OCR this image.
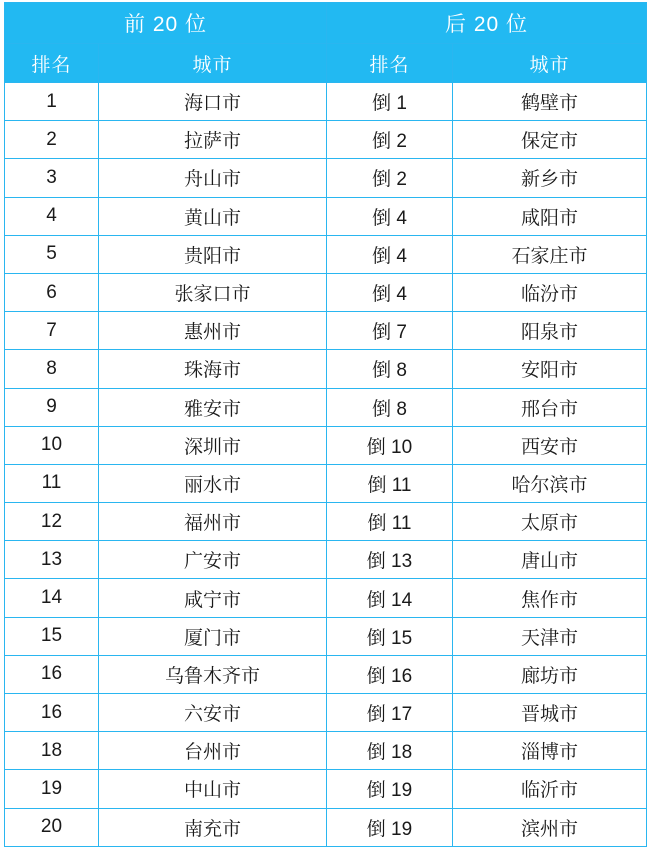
前 20 位		后 20 位	
排名	城市	排名	城市
1	海口市	倒 1	鹤壁市
2	拉萨市	倒 2	保定市
3	舟山市	倒 2	新乡市
4	黄山市	倒 4	咸阳市
5	贵阳市	倒 4	石家庄市
6	张家口市	倒 4	临汾市
7	惠州市	倒 7	阳泉市
8	珠海市	倒 8	安阳市
9	雅安市	倒 8	邢台市
10	深圳市	倒 10	西安市
11	丽水市	倒 11	哈尔滨市
12	福州市	倒 11	太原市
13	广安市	倒 13	唐山市
14	咸宁市	倒 14	焦作市
15	厦门市	倒 15	天津市
16	乌鲁木齐市	倒 16	廊坊市
16	六安市	倒 17	晋城市
18	台州市	倒 18	淄博市
19	中山市	倒 19	临沂市
20	南充市	倒 19	滨州市
